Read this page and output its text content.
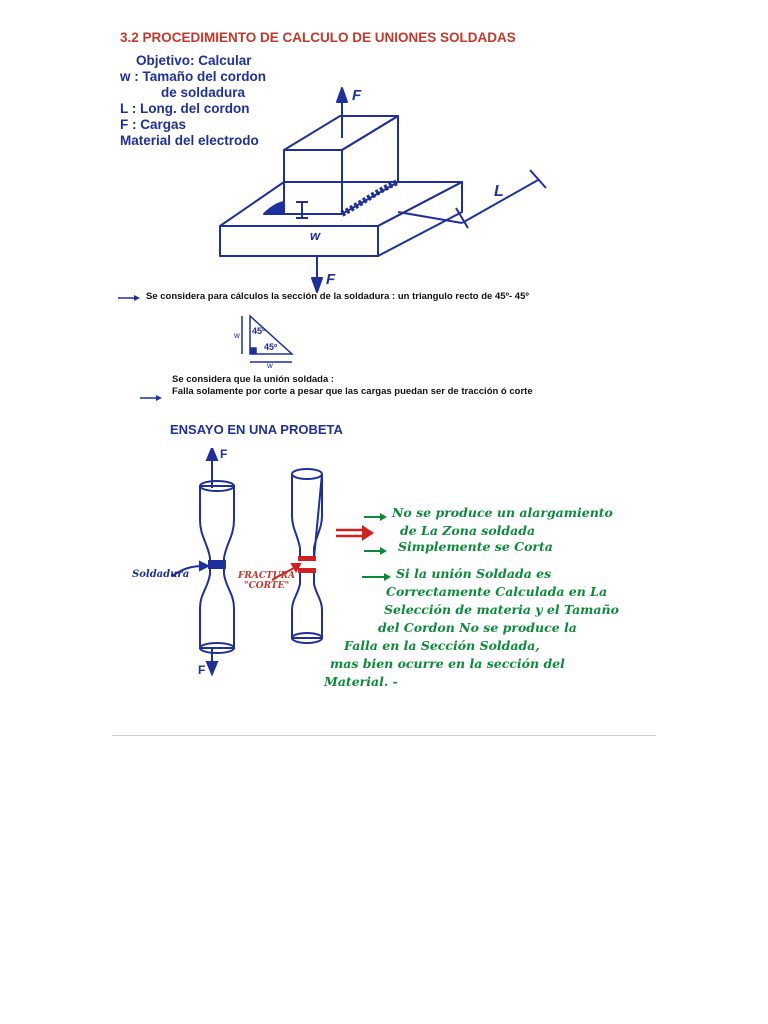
3.2 PROCEDIMIENTO DE CALCULO DE UNIONES SOLDADAS
Objetivo: Calcular
w : Tamaño del cordon
de soldadura
L : Long. del cordon
F : Cargas
Material del electrodo
F
F
L
w
Se considera para cálculos la sección de la soldadura : un triangulo recto de 45º- 45º
45º
45º
w
w
Se considera que la unión soldada :
Falla solamente por corte a pesar que las cargas puedan ser de tracción ó corte
ENSAYO EN UNA PROBETA
F
F
Soldadura	FRACTURA
"CORTE"
No se produce un alargamiento
de La Zona soldada
Simplemente se Corta
Si la unión Soldada es
Correctamente Calculada en La
Selección de materia y el Tamaño
del Cordon No se produce la
Falla en la Sección Soldada,
mas bien ocurre en la sección del
Material. -
